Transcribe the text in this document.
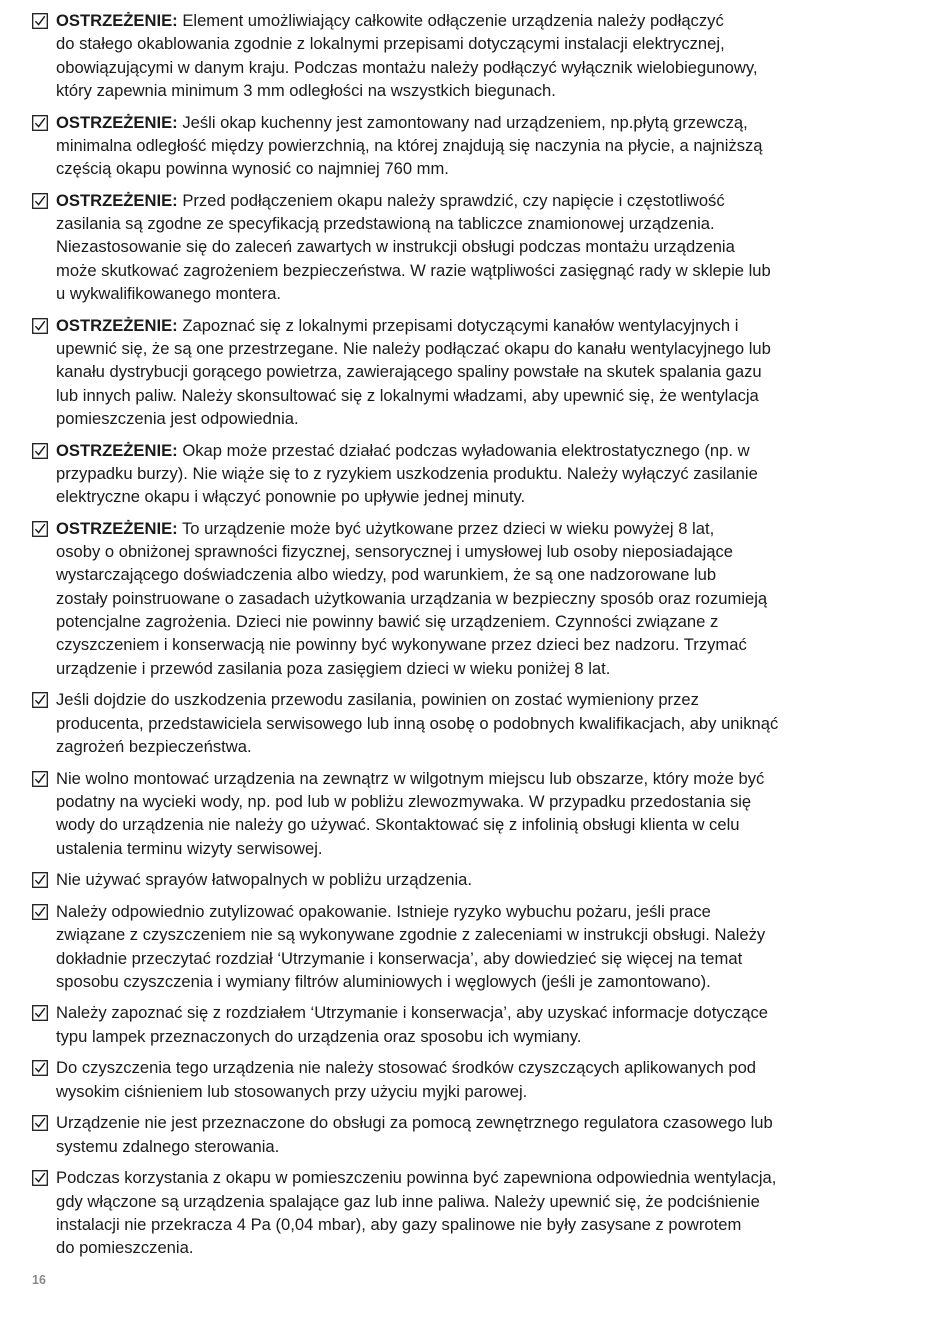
OSTRZEŻENIE: Element umożliwiający całkowite odłączenie urządzenia należy podłączyć
do stałego okablowania zgodnie z lokalnymi przepisami dotyczącymi instalacji elektrycznej,
obowiązującymi w danym kraju. Podczas montażu należy podłączyć wyłącznik wielobiegunowy,
który zapewnia minimum 3 mm odległości na wszystkich biegunach.
OSTRZEŻENIE: Jeśli okap kuchenny jest zamontowany nad urządzeniem, np.płytą grzewczą,
minimalna odległość między powierzchnią, na której znajdują się naczynia na płycie, a najniższą
częścią okapu powinna wynosić co najmniej 760 mm.
OSTRZEŻENIE: Przed podłączeniem okapu należy sprawdzić, czy napięcie i częstotliwość
zasilania są zgodne ze specyfikacją przedstawioną na tabliczce znamionowej urządzenia.
Niezastosowanie się do zaleceń zawartych w instrukcji obsługi podczas montażu urządzenia
może skutkować zagrożeniem bezpieczeństwa. W razie wątpliwości zasięgnąć rady w sklepie lub
u wykwalifikowanego montera.
OSTRZEŻENIE: Zapoznać się z lokalnymi przepisami dotyczącymi kanałów wentylacyjnych i
upewnić się, że są one przestrzegane. Nie należy podłączać okapu do kanału wentylacyjnego lub
kanału dystrybucji gorącego powietrza, zawierającego spaliny powstałe na skutek spalania gazu
lub innych paliw. Należy skonsultować się z lokalnymi władzami, aby upewnić się, że wentylacja
pomieszczenia jest odpowiednia.
OSTRZEŻENIE: Okap może przestać działać podczas wyładowania elektrostatycznego (np. w
przypadku burzy). Nie wiąże się to z ryzykiem uszkodzenia produktu. Należy wyłączyć zasilanie
elektryczne okapu i włączyć ponownie po upływie jednej minuty.
OSTRZEŻENIE: To urządzenie może być użytkowane przez dzieci w wieku powyżej 8 lat,
osoby o obniżonej sprawności fizycznej, sensorycznej i umysłowej lub osoby nieposiadające
wystarczającego doświadczenia albo wiedzy, pod warunkiem, że są one nadzorowane lub
zostały poinstruowane o zasadach użytkowania urządzania w bezpieczny sposób oraz rozumieją
potencjalne zagrożenia. Dzieci nie powinny bawić się urządzeniem. Czynności związane z
czyszczeniem i konserwacją nie powinny być wykonywane przez dzieci bez nadzoru. Trzymać
urządzenie i przewód zasilania poza zasięgiem dzieci w wieku poniżej 8 lat.
Jeśli dojdzie do uszkodzenia przewodu zasilania, powinien on zostać wymieniony przez
producenta, przedstawiciela serwisowego lub inną osobę o podobnych kwalifikacjach, aby uniknąć
zagrożeń bezpieczeństwa.
Nie wolno montować urządzenia na zewnątrz w wilgotnym miejscu lub obszarze, który może być
podatny na wycieki wody, np. pod lub w pobliżu zlewozmywaka. W przypadku przedostania się
wody do urządzenia nie należy go używać. Skontaktować się z infolinią obsługi klienta w celu
ustalenia terminu wizyty serwisowej.
Nie używać sprayów łatwopalnych w pobliżu urządzenia.
Należy odpowiednio zutylizować opakowanie. Istnieje ryzyko wybuchu pożaru, jeśli prace
związane z czyszczeniem nie są wykonywane zgodnie z zaleceniami w instrukcji obsługi. Należy
dokładnie przeczytać rozdział ‘Utrzymanie i konserwacja’, aby dowiedzieć się więcej na temat
sposobu czyszczenia i wymiany filtrów aluminiowych i węglowych (jeśli je zamontowano).
Należy zapoznać się z rozdziałem ‘Utrzymanie i konserwacja’, aby uzyskać informacje dotyczące
typu lampek przeznaczonych do urządzenia oraz sposobu ich wymiany.
Do czyszczenia tego urządzenia nie należy stosować środków czyszczących aplikowanych pod
wysokim ciśnieniem lub stosowanych przy użyciu myjki parowej.
Urządzenie nie jest przeznaczone do obsługi za pomocą zewnętrznego regulatora czasowego lub
systemu zdalnego sterowania.
Podczas korzystania z okapu w pomieszczeniu powinna być zapewniona odpowiednia wentylacja,
gdy włączone są urządzenia spalające gaz lub inne paliwa. Należy upewnić się, że podciśnienie
instalacji nie przekracza 4 Pa (0,04 mbar), aby gazy spalinowe nie były zasysane z powrotem
do pomieszczenia.
16
